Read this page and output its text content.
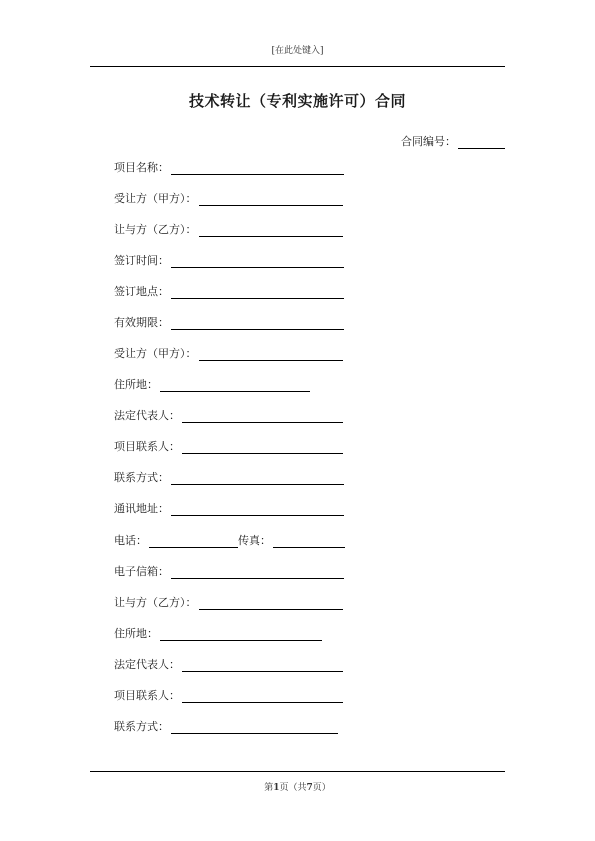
[在此处键入]
技术转让（专利实施许可）合同
合同编号：
项目名称：
受让方（甲方）：
让与方（乙方）：
签订时间：
签订地点：
有效期限：
受让方（甲方）：
住所地：
法定代表人：
项目联系人：
联系方式：
通讯地址：
电话：	传真：
电子信箱：
让与方（乙方）：
住所地：
法定代表人：
项目联系人：
联系方式：
第1页（共7页）
